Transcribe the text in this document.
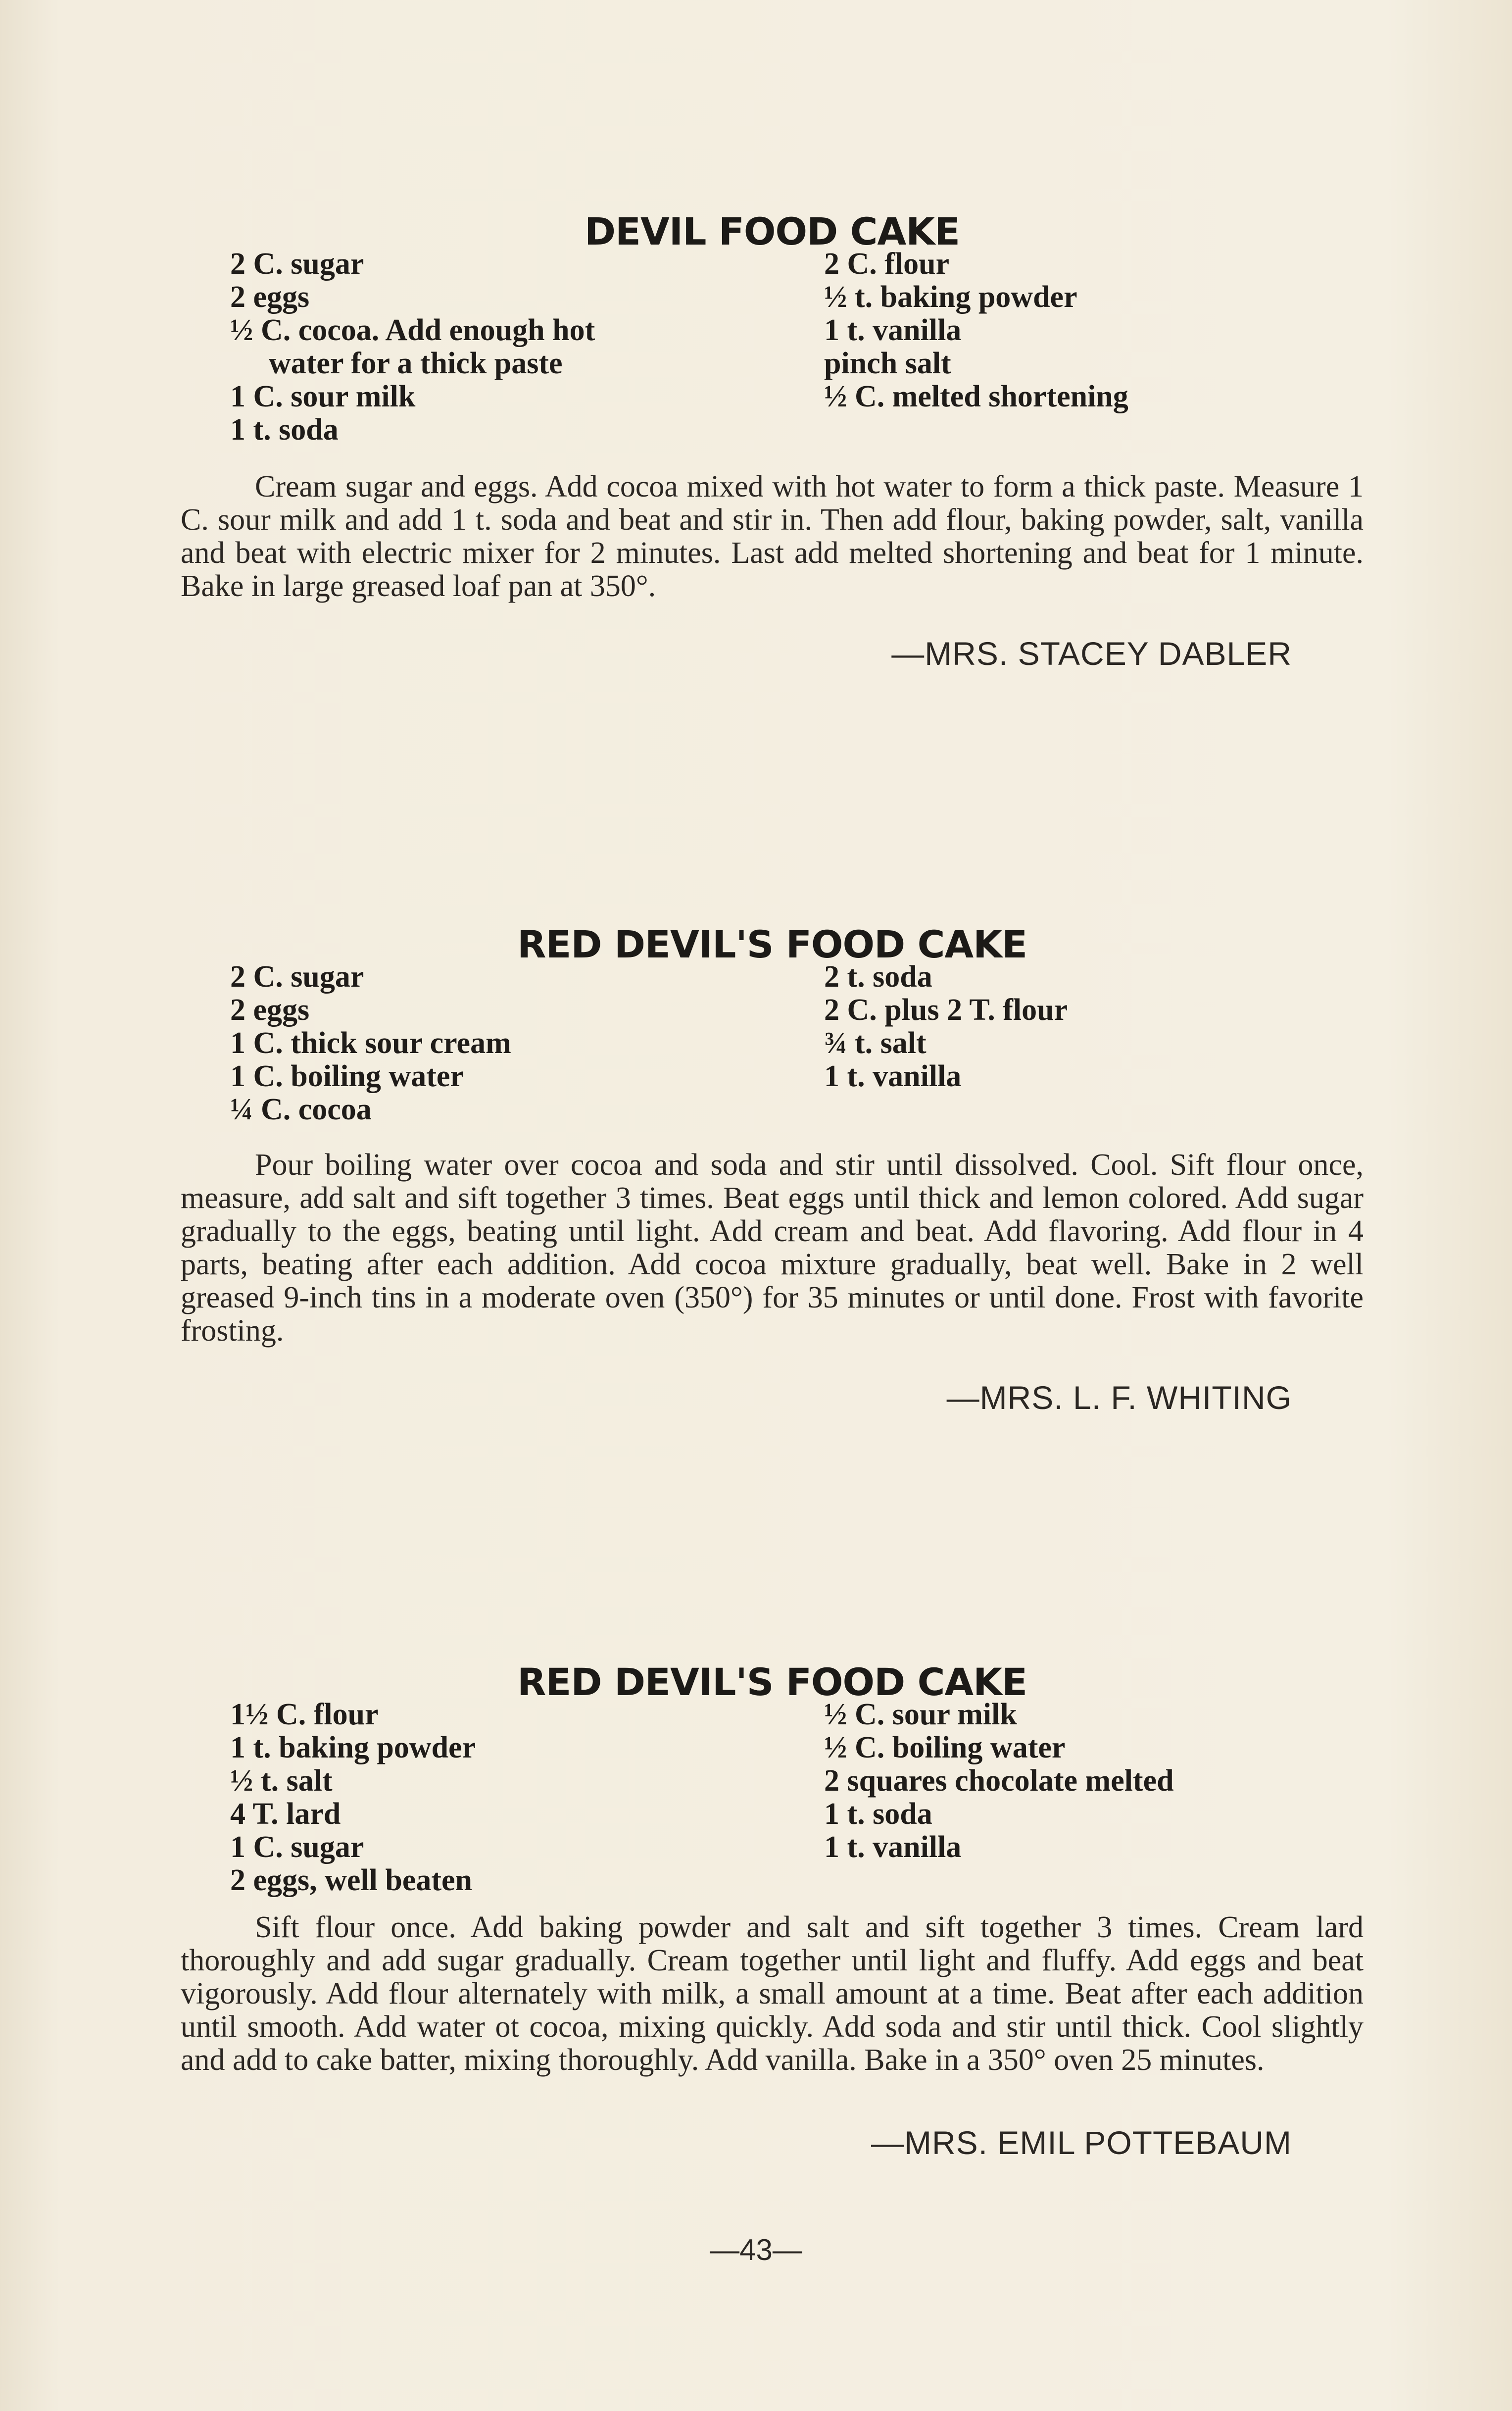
DEVIL FOOD CAKE
2 C. sugar
2 eggs
½ C. cocoa. Add enough hot
water for a thick paste
1 C. sour milk
1 t. soda
2 C. flour
½ t. baking powder
1 t. vanilla
pinch salt
½ C. melted shortening

Cream sugar and eggs. Add cocoa mixed with hot water to form a thick paste. Measure 1 C. sour milk and add 1 t. soda and beat and stir in. Then add flour, baking powder, salt, vanilla and beat with electric mixer for 2 minutes. Last add melted shortening and beat for 1 minute. Bake in large greased loaf pan at 350°.

—MRS. STACEY DABLER
RED DEVIL'S FOOD CAKE
2 C. sugar
2 eggs
1 C. thick sour cream
1 C. boiling water
¼ C. cocoa
2 t. soda
2 C. plus 2 T. flour
¾ t. salt
1 t. vanilla

Pour boiling water over cocoa and soda and stir until dissolved. Cool. Sift flour once, measure, add salt and sift together 3 times. Beat eggs until thick and lemon colored. Add sugar gradually to the eggs, beating until light. Add cream and beat. Add flavoring. Add flour in 4 parts, beating after each addition. Add cocoa mixture gradually, beat well. Bake in 2 well greased 9-inch tins in a moderate oven (350°) for 35 minutes or until done. Frost with favorite frosting.

—MRS. L. F. WHITING
RED DEVIL'S FOOD CAKE
1½ C. flour
1 t. baking powder
½ t. salt
4 T. lard
1 C. sugar
2 eggs, well beaten
½ C. sour milk
½ C. boiling water
2 squares chocolate melted
1 t. soda
1 t. vanilla

Sift flour once. Add baking powder and salt and sift together 3 times. Cream lard thoroughly and add sugar gradually. Cream together until light and fluffy. Add eggs and beat vigorously. Add flour alternately with milk, a small amount at a time. Beat after each addition until smooth. Add water ot cocoa, mixing quickly. Add soda and stir until thick. Cool slightly and add to cake batter, mixing thoroughly. Add vanilla. Bake in a 350° oven 25 minutes.

—MRS. EMIL POTTEBAUM
—43—
